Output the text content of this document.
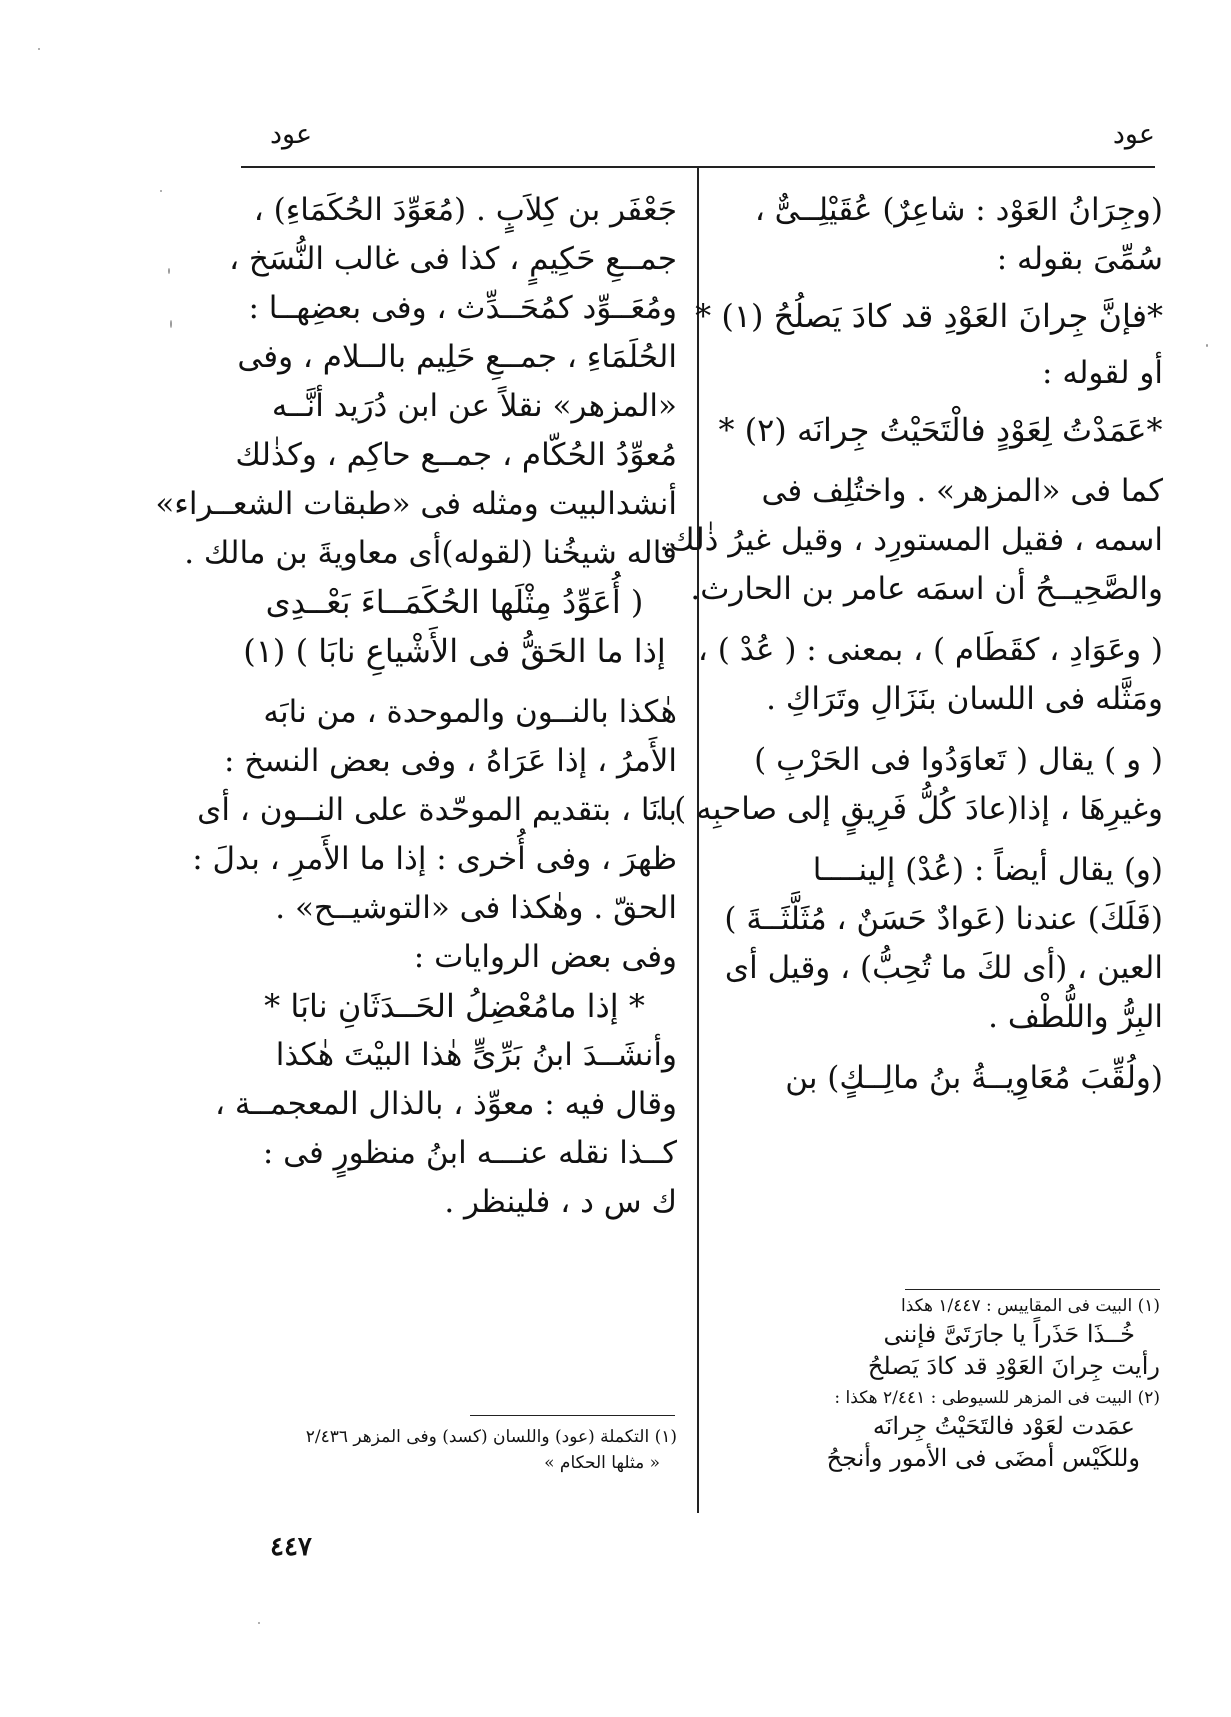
عود
عود
(وجِرَانُ العَوْد : شاعِرٌ) عُقَيْلِــىٌّ ،
سُمِّىَ بقوله :
*فإنَّ جِرانَ العَوْدِ قد كادَ يَصلُحُ (١) *
أو لقوله :
*عَمَدْتُ لِعَوْدٍ فالْتَحَيْتُ جِرانَه (٢) *
كما فى «المزهر» . واختُلِف فى
اسمه ، فقيل المستورِد ، وقيل غيرُ ذٰلك.
والصَّحِيــحُ أن اسمَه عامر بن الحارث.
( وعَوَادِ ، كقَطَام ) ، بمعنى : ( عُدْ ) ،
ومَثَّله فى اللسان بنَزَالِ وتَرَاكِ .
( و ) يقال ( تَعاوَدُوا فى الحَرْبِ )
وغيرِهَا ، إذا(عادَ كُلُّ فَرِيقٍ إلى صاحبِه ) .
(و) يقال أيضاً : (عُدْ) إلينــــا
(فَلَكَ) عندنا (عَوادٌ حَسَنٌ ، مُثَلَّثَــةَ )
العين ، (أى لكَ ما تُحِبُّ) ، وقيل أى
البِرُّ واللُّطْف .
(ولُقِّبَ مُعَاوِيــةُ بنُ مالِــكٍ) بن
(١) البيت فى المقاييس : ١/٤٤٧ هكذا
خُــذَا حَذَراً يا جارَتَىَّ فإننى
رأيت جِرانَ العَوْدِ قد كادَ يَصلحُ
(٢) البيت فى المزهر للسيوطى : ٢/٤٤١ هكذا :
عمَدت لعَوْد فالتَحَيْتُ جِرانَه
وللكَيْس أمضَى فى الأمور وأنجحُ
جَعْفَر بن كِلاَبٍ . (مُعَوِّدَ الحُكَمَاءِ) ،
جمــعِ حَكِيمٍ ، كذا فى غالب النُّسَخ ،
ومُعَــوِّد كمُحَــدِّث ، وفى بعضِهــا :
الحُلَمَاءِ ، جمــعِ حَلِيم بالــلام ، وفى
«المزهر» نقلاً عن ابن دُرَيد أنَّــه
مُعوِّدُ الحُكّام ، جمــع حاكِم ، وكذٰلك
أنشدالبيت ومثله فى «طبقات الشعــراء»
قاله شيخُنا (لقوله)أى معاويةَ بن مالك .
( أُعَوِّدُ مِثْلَها الحُكَمَــاءَ بَعْــدِى
إذا ما الحَقُّ فى الأَشْياعِ نابَا ) (١)
هٰكذا بالنــون والموحدة ، من نابَه
الأَمرُ ، إذا عَرَاهُ ، وفى بعض النسخ :
بانَا ، بتقديم الموحّدة على النــون ، أى
ظهرَ ، وفى أُخرى : إذا ما الأَمرِ ، بدلَ :
الحقّ . وهٰكذا فى «التوشيــح» .
وفى بعض الروايات :
* إذا مامُعْضِلُ الحَــدَثَانِ نابَا *
وأنشَــدَ ابنُ بَرِّىٍّ هٰذا البيْتَ هٰكذا
وقال فيه : معوِّذ ، بالذال المعجمــة ،
كــذا نقله عنـــه ابنُ منظورٍ فى :
ك س د ، فلينظر .
(١) التكملة (عود) واللسان (كسد) وفى المزهر ٢/٤٣٦
« مثلها الحكام »
٤٤٧
